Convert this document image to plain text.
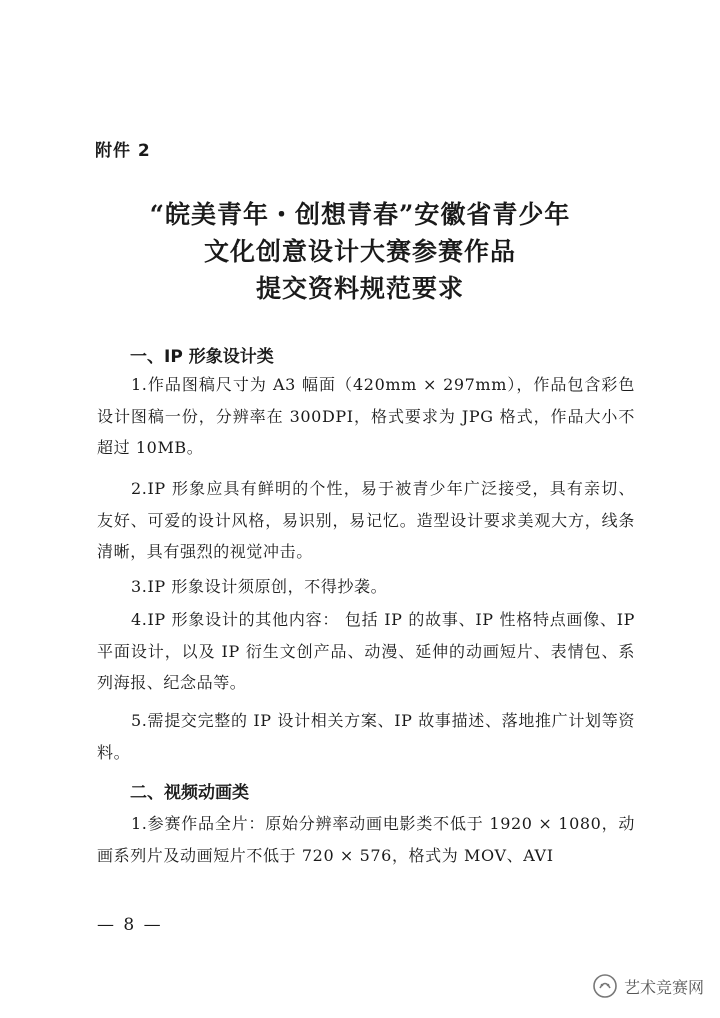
附件 2
“皖美青年・创想青春”安徽省青少年
文化创意设计大赛参赛作品
提交资料规范要求
一、IP 形象设计类
1.作品图稿尺寸为 A3 幅面（420mm × 297mm），作品包含彩色设计图稿一份，分辨率在 300DPI，格式要求为 JPG 格式，作品大小不超过 10MB。
2.IP 形象应具有鲜明的个性，易于被青少年广泛接受，具有亲切、友好、可爱的设计风格，易识别，易记忆。造型设计要求美观大方，线条清晰，具有强烈的视觉冲击。
3.IP 形象设计须原创，不得抄袭。
4.IP 形象设计的其他内容： 包括 IP 的故事、IP 性格特点画像、IP 平面设计，以及 IP 衍生文创产品、动漫、延伸的动画短片、表情包、系列海报、纪念品等。
5.需提交完整的 IP 设计相关方案、IP 故事描述、落地推广计划等资料。
二、视频动画类
1.参赛作品全片：原始分辨率动画电影类不低于 1920 × 1080，动画系列片及动画短片不低于 720 × 576，格式为 MOV、AVI
— 8 —
艺术竞赛网
